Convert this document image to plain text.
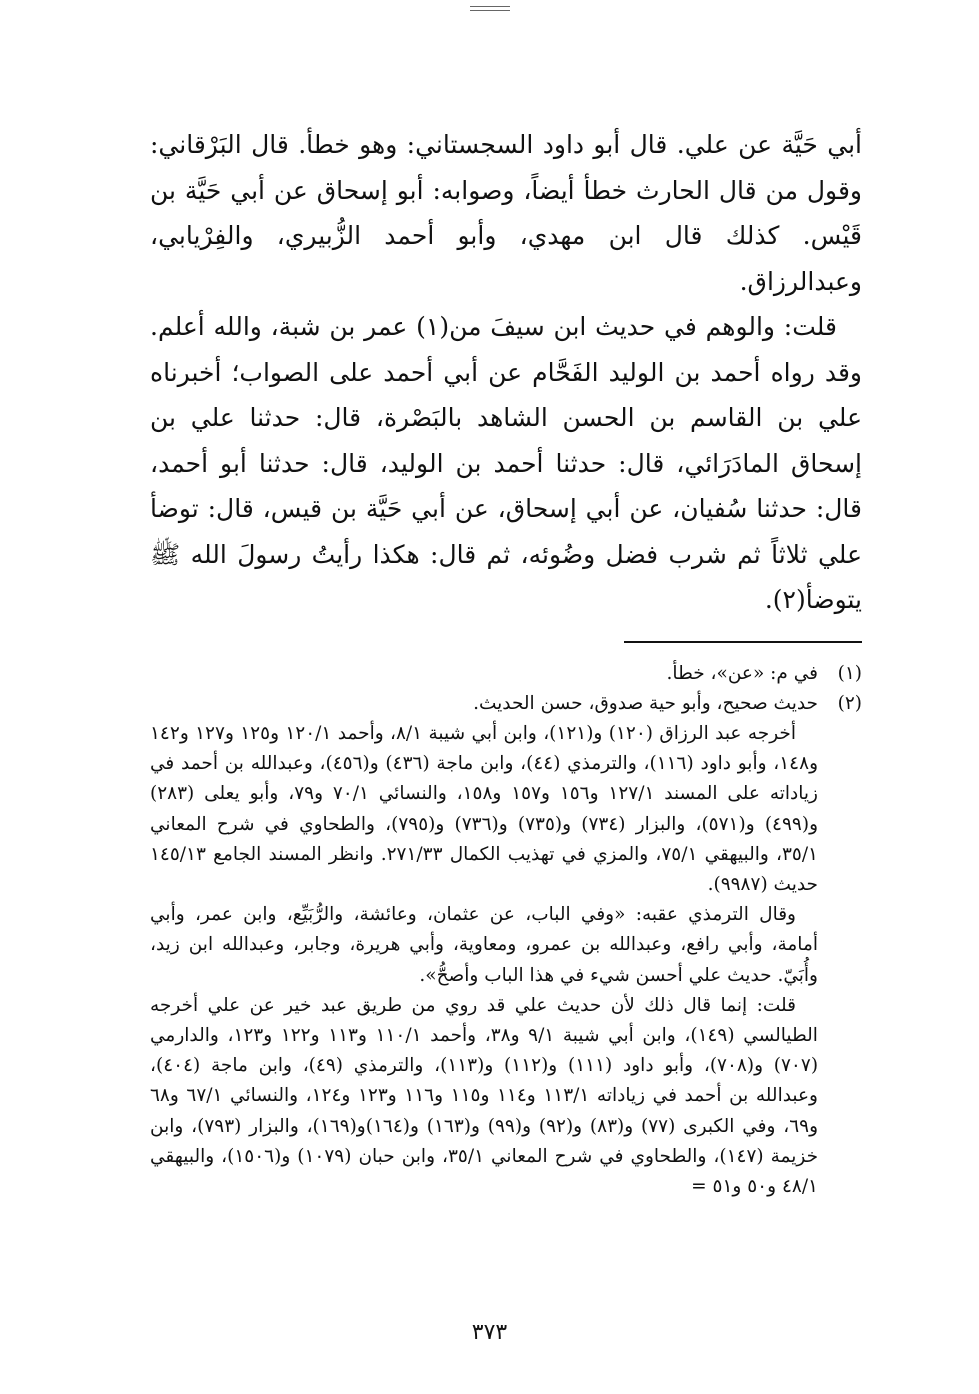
أبي حَيَّة عن علي. قال أبو داود السجستاني: وهو خطأ. قال البَرْقاني: وقول من قال الحارث خطأ أيضاً، وصوابه: أبو إسحاق عن أبي حَيَّة بن قَيْس. كذلك قال ابن مهدي، وأبو أحمد الزُّبيري، والفِرْيابي، وعبدالرزاق.

قلت: والوهم في حديث ابن سيفَ من(١) عمر بن شبة، والله أعلم. وقد رواه أحمد بن الوليد الفَحَّام عن أبي أحمد على الصواب؛ أخبرناه علي بن القاسم بن الحسن الشاهد بالبَصْرة، قال: حدثنا علي بن إسحاق المادَرَائي، قال: حدثنا أحمد بن الوليد، قال: حدثنا أبو أحمد، قال: حدثنا سُفيان، عن أبي إسحاق، عن أبي حَيَّة بن قيس، قال: توضأ علي ثلاثاً ثم شرب فضل وضُوئه، ثم قال: هكذا رأيتُ رسولَ الله ﷺ يتوضأ(٢).

(١)
في م: «عن»، خطأ.
(٢)
حديث صحيح، وأبو حية صدوق، حسن الحديث.

أخرجه عبد الرزاق (١٢٠) و(١٢١)، وابن أبي شيبة ٨/١، وأحمد ١٢٠/١ و١٢٥ و١٢٧ و١٤٢ و١٤٨، وأبو داود (١١٦)، والترمذي (٤٤)، وابن ماجة (٤٣٦) و(٤٥٦)، وعبدالله بن أحمد في زياداته على المسند ١٢٧/١ و١٥٦ و١٥٧ و١٥٨، والنسائي ٧٠/١ و٧٩، وأبو يعلى (٢٨٣) و(٤٩٩) و(٥٧١)، والبزار (٧٣٤) و(٧٣٥) و(٧٣٦) و(٧٩٥)، والطحاوي في شرح المعاني ٣٥/١، والبيهقي ٧٥/١، والمزي في تهذيب الكمال ٢٧١/٣٣. وانظر المسند الجامع ١٤٥/١٣ حديث (٩٩٨٧).

وقال الترمذي عقبه: «وفي الباب، عن عثمان، وعائشة، والرُّبَيِّع، وابن عمر، وأبي أمامة، وأبي رافع، وعبدالله بن عمرو، ومعاوية، وأبي هريرة، وجابر، وعبدالله ابن زيد، وأُبَيّ. حديث علي أحسن شيء في هذا الباب وأصحُّ».

قلت: إنما قال ذلك لأن حديث علي قد روي من طريق عبد خير عن علي أخرجه الطيالسي (١٤٩)، وابن أبي شيبة ٩/١ و٣٨، وأحمد ١١٠/١ و١١٣ و١٢٢ و١٢٣، والدارمي (٧٠٧) و(٧٠٨)، وأبو داود (١١١) و(١١٢) و(١١٣)، والترمذي (٤٩)، وابن ماجة (٤٠٤)، وعبدالله بن أحمد في زياداته ١١٣/١ و١١٤ و١١٥ و١١٦ و١٢٣ و١٢٤، والنسائي ٦٧/١ و٦٨ و٦٩، وفي الكبرى (٧٧) و(٨٣) و(٩٢) و(٩٩) و(١٦٣) و(١٦٤)و(١٦٩)، والبزار (٧٩٣)، وابن خزيمة (١٤٧)، والطحاوي في شرح المعاني ٣٥/١، وابن حبان (١٠٧٩) و(١٥٠٦)، والبيهقي ٤٨/١ و٥٠ و٥١ =

٣٧٣
